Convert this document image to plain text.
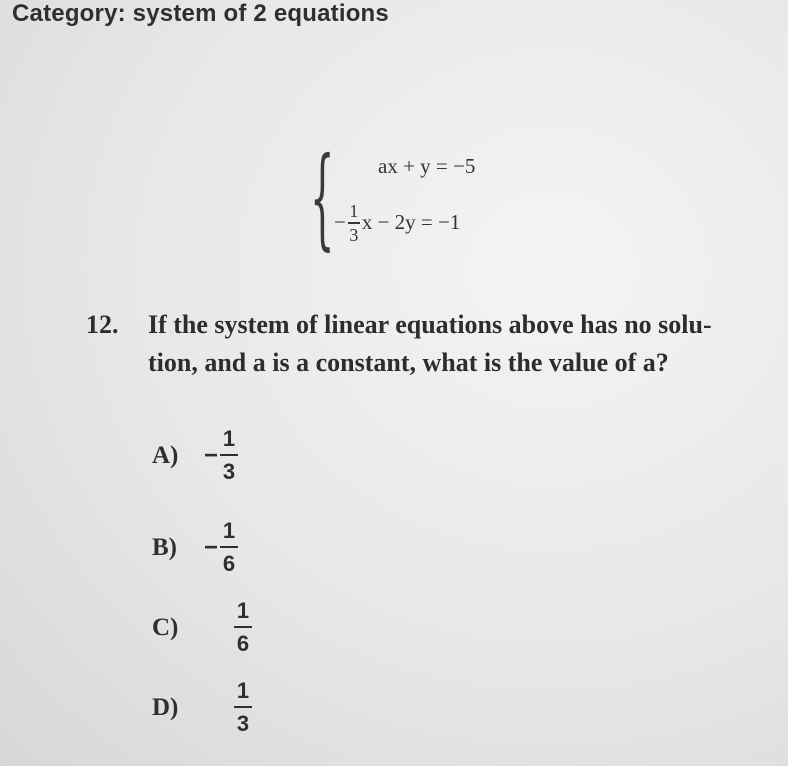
Category: system of 2 equations
{ ax + y = −5
− $\frac{1}{3}$ x − 2y = −1
12. If the system of linear equations above has no solu-
tion, and a is a constant, what is the value of a?
A)	− $\frac{1}{3}$
B)	− $\frac{1}{6}$
C)	$\frac{1}{6}$
D)	$\frac{1}{3}$
